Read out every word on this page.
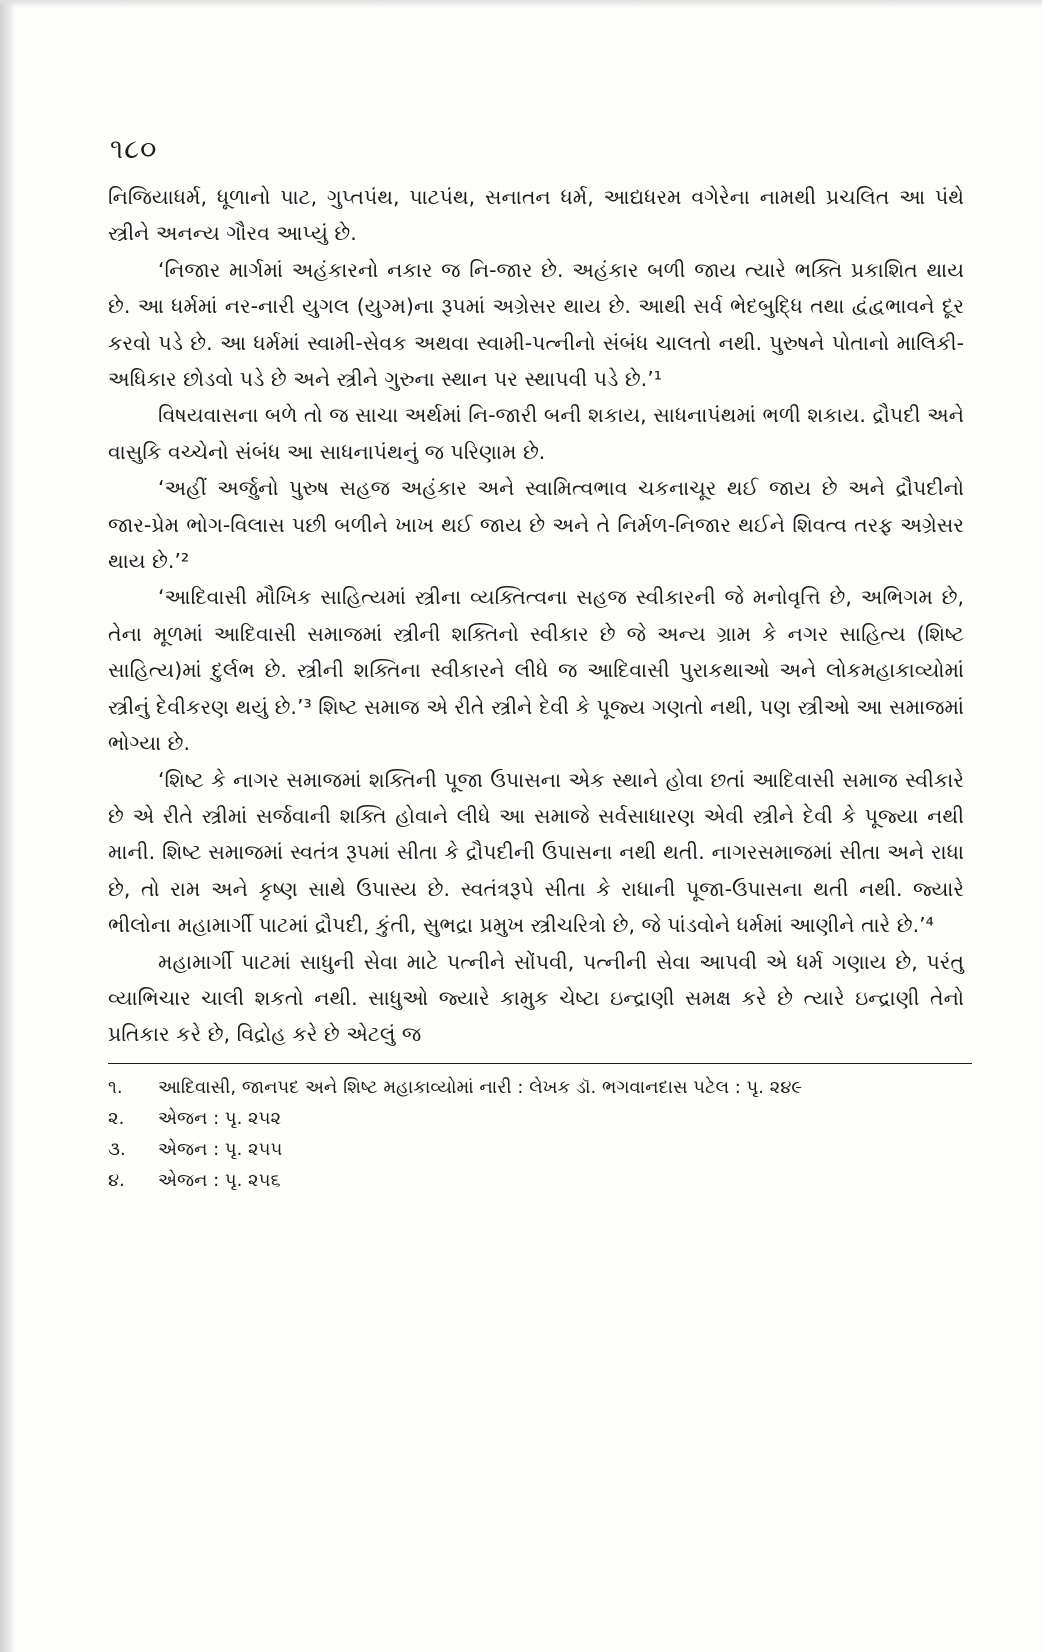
૧૮૦

નિજિયાધર્મ, ધૂળાનો પાટ, ગુપ્તપંથ, પાટપંથ, સનાતન ધર્મ, આદ્યધરમ વગેરેના નામથી પ્રચલિત આ પંથે સ્ત્રીને અનન્ય ગૌરવ આપ્યું છે.

‘નિજાર માર્ગમાં અહંકારનો નકાર જ નિ-જાર છે. અહંકાર બળી જાય ત્યારે ભક્તિ પ્રકાશિત થાય છે. આ ધર્મમાં નર-નારી યુગલ (યુગ્મ)ના રૂપમાં અગ્રેસર થાય છે. આથી સર્વ ભેદબુદ્ધિ તથા દ્વંદ્વભાવને દૂર કરવો પડે છે. આ ધર્મમાં સ્વામી-સેવક અથવા સ્વામી-પત્નીનો સંબંધ ચાલતો નથી. પુરુષને પોતાનો માલિકી-અધિકાર છોડવો પડે છે અને સ્ત્રીને ગુરુના સ્થાન પર સ્થાપવી પડે છે.’¹

વિષયવાસના બળે તો જ સાચા અર્થમાં નિ-જારી બની શકાય, સાધનાપંથમાં ભળી શકાય. દ્રૌપદી અને વાસુકિ વચ્ચેનો સંબંધ આ સાધનાપંથનું જ પરિણામ છે.

‘અહીં અર્જુનો પુરુષ સહજ અહંકાર અને સ્વામિત્વભાવ ચકનાચૂર થઈ જાય છે અને દ્રૌપદીનો જાર-પ્રેમ ભોગ-વિલાસ પછી બળીને ખાખ થઈ જાય છે અને તે નિર્મળ-નિજાર થઈને શિવત્વ તરફ અગ્રેસર થાય છે.’²

‘આદિવાસી મૌખિક સાહિત્યમાં સ્ત્રીના વ્યક્તિત્વના સહજ સ્વીકારની જે મનોવૃત્તિ છે, અભિગમ છે, તેના મૂળમાં આદિવાસી સમાજમાં સ્ત્રીની શક્તિનો સ્વીકાર છે જે અન્ય ગ્રામ કે નગર સાહિત્ય (શિષ્ટ સાહિત્ય)માં દુર્લભ છે. સ્ત્રીની શક્તિના સ્વીકારને લીધે જ આદિવાસી પુરાકથાઓ અને લોકમહાકાવ્યોમાં સ્ત્રીનું દેવીકરણ થયું છે.’³ શિષ્ટ સમાજ એ રીતે સ્ત્રીને દેવી કે પૂજ્ય ગણતો નથી, પણ સ્ત્રીઓ આ સમાજમાં ભોગ્યા છે.

‘શિષ્ટ કે નાગર સમાજમાં શક્તિની પૂજા ઉપાસના એક સ્થાને હોવા છતાં આદિવાસી સમાજ સ્વીકારે છે એ રીતે સ્ત્રીમાં સર્જવાની શક્તિ હોવાને લીધે આ સમાજે સર્વસાધારણ એવી સ્ત્રીને દેવી કે પૂજ્યા નથી માની. શિષ્ટ સમાજમાં સ્વતંત્ર રૂપમાં સીતા કે દ્રૌપદીની ઉપાસના નથી થતી. નાગરસમાજમાં સીતા અને રાધા છે, તો રામ અને કૃષ્ણ સાથે ઉપાસ્ય છે. સ્વતંત્રરૂપે સીતા કે રાધાની પૂજા-ઉપાસના થતી નથી. જ્યારે ભીલોના મહામાર્ગી પાટમાં દ્રૌપદી, કુંતી, સુભદ્રા પ્રમુખ સ્ત્રીચરિત્રો છે, જે પાંડવોને ધર્મમાં આણીને તારે છે.’⁴

મહામાર્ગી પાટમાં સાધુની સેવા માટે પત્નીને સોંપવી, પત્નીની સેવા આપવી એ ધર્મ ગણાય છે, પરંતુ વ્યાભિચાર ચાલી શકતો નથી. સાધુઓ જ્યારે કામુક ચેષ્ટા ઇન્દ્રાણી સમક્ષ કરે છે ત્યારે ઇન્દ્રાણી તેનો પ્રતિકાર કરે છે, વિદ્રોહ કરે છે એટલું જ

૧.	આદિવાસી, જાનપદ અને શિષ્ટ મહાકાવ્યોમાં નારી : લેખક ડૉ. ભગવાનદાસ પટેલ : પૃ. ૨૪૯
૨.	એજન : પૃ. ૨૫૨
૩.	એજન : પૃ. ૨૫૫
૪.	એજન : પૃ. ૨૫૬
